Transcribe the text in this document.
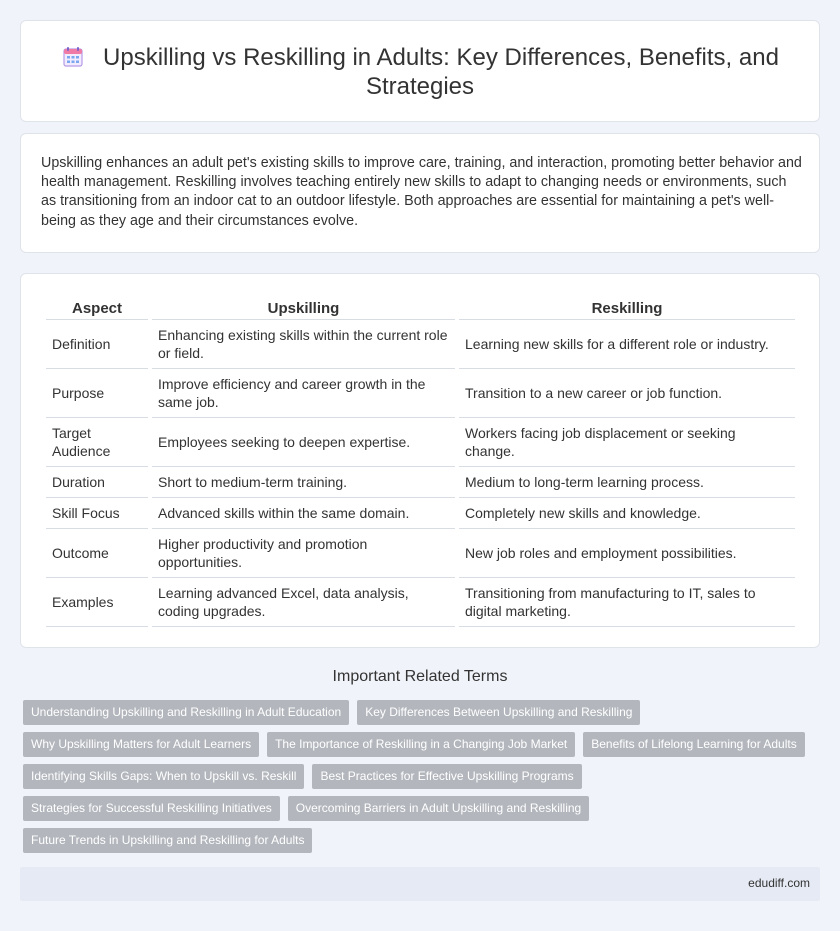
Upskilling vs Reskilling in Adults: Key Differences, Benefits, and Strategies

Upskilling enhances an adult pet's existing skills to improve care, training, and interaction, promoting better behavior and health management. Reskilling involves teaching entirely new skills to adapt to changing needs or environments, such as transitioning from an indoor cat to an outdoor lifestyle. Both approaches are essential for maintaining a pet's well-being as they age and their circumstances evolve.

Aspect	Upskilling	Reskilling
Definition	Enhancing existing skills within the current role or field.	Learning new skills for a different role or industry.
Purpose	Improve efficiency and career growth in the same job.	Transition to a new career or job function.
Target Audience	Employees seeking to deepen expertise.	Workers facing job displacement or seeking change.
Duration	Short to medium-term training.	Medium to long-term learning process.
Skill Focus	Advanced skills within the same domain.	Completely new skills and knowledge.
Outcome	Higher productivity and promotion opportunities.	New job roles and employment possibilities.
Examples	Learning advanced Excel, data analysis, coding upgrades.	Transitioning from manufacturing to IT, sales to digital marketing.
Important Related Terms
Understanding Upskilling and Reskilling in Adult Education	Key Differences Between Upskilling and Reskilling
Why Upskilling Matters for Adult Learners	The Importance of Reskilling in a Changing Job Market	Benefits of Lifelong Learning for Adults
Identifying Skills Gaps: When to Upskill vs. Reskill	Best Practices for Effective Upskilling Programs
Strategies for Successful Reskilling Initiatives	Overcoming Barriers in Adult Upskilling and Reskilling
Future Trends in Upskilling and Reskilling for Adults
edudiff.com
